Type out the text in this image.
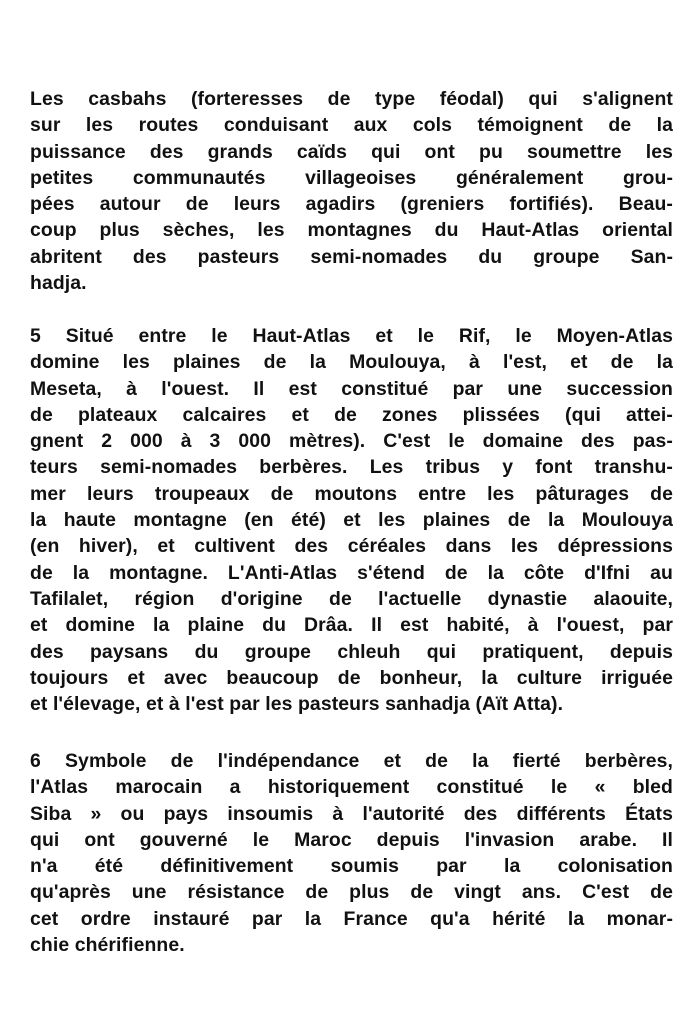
Les casbahs (forteresses de type féodal) qui s'alignent
sur les routes conduisant aux cols témoignent de la
puissance des grands caïds qui ont pu soumettre les
petites communautés villageoises généralement grou-
pées autour de leurs agadirs (greniers fortifiés). Beau-
coup plus sèches, les montagnes du Haut-Atlas oriental
abritent des pasteurs semi-nomades du groupe San-
hadja.
5 Situé entre le Haut-Atlas et le Rif, le Moyen-Atlas
domine les plaines de la Moulouya, à l'est, et de la
Meseta, à l'ouest. Il est constitué par une succession
de plateaux calcaires et de zones plissées (qui attei-
gnent 2 000 à 3 000 mètres). C'est le domaine des pas-
teurs semi-nomades berbères. Les tribus y font transhu-
mer leurs troupeaux de moutons entre les pâturages de
la haute montagne (en été) et les plaines de la Moulouya
(en hiver), et cultivent des céréales dans les dépressions
de la montagne. L'Anti-Atlas s'étend de la côte d'Ifni au
Tafilalet, région d'origine de l'actuelle dynastie alaouite,
et domine la plaine du Drâa. Il est habité, à l'ouest, par
des paysans du groupe chleuh qui pratiquent, depuis
toujours et avec beaucoup de bonheur, la culture irriguée
et l'élevage, et à l'est par les pasteurs sanhadja (Aït Atta).
6 Symbole de l'indépendance et de la fierté berbères,
l'Atlas marocain a historiquement constitué le « bled
Siba » ou pays insoumis à l'autorité des différents États
qui ont gouverné le Maroc depuis l'invasion arabe. Il
n'a été définitivement soumis par la colonisation
qu'après une résistance de plus de vingt ans. C'est de
cet ordre instauré par la France qu'a hérité la monar-
chie chérifienne.
